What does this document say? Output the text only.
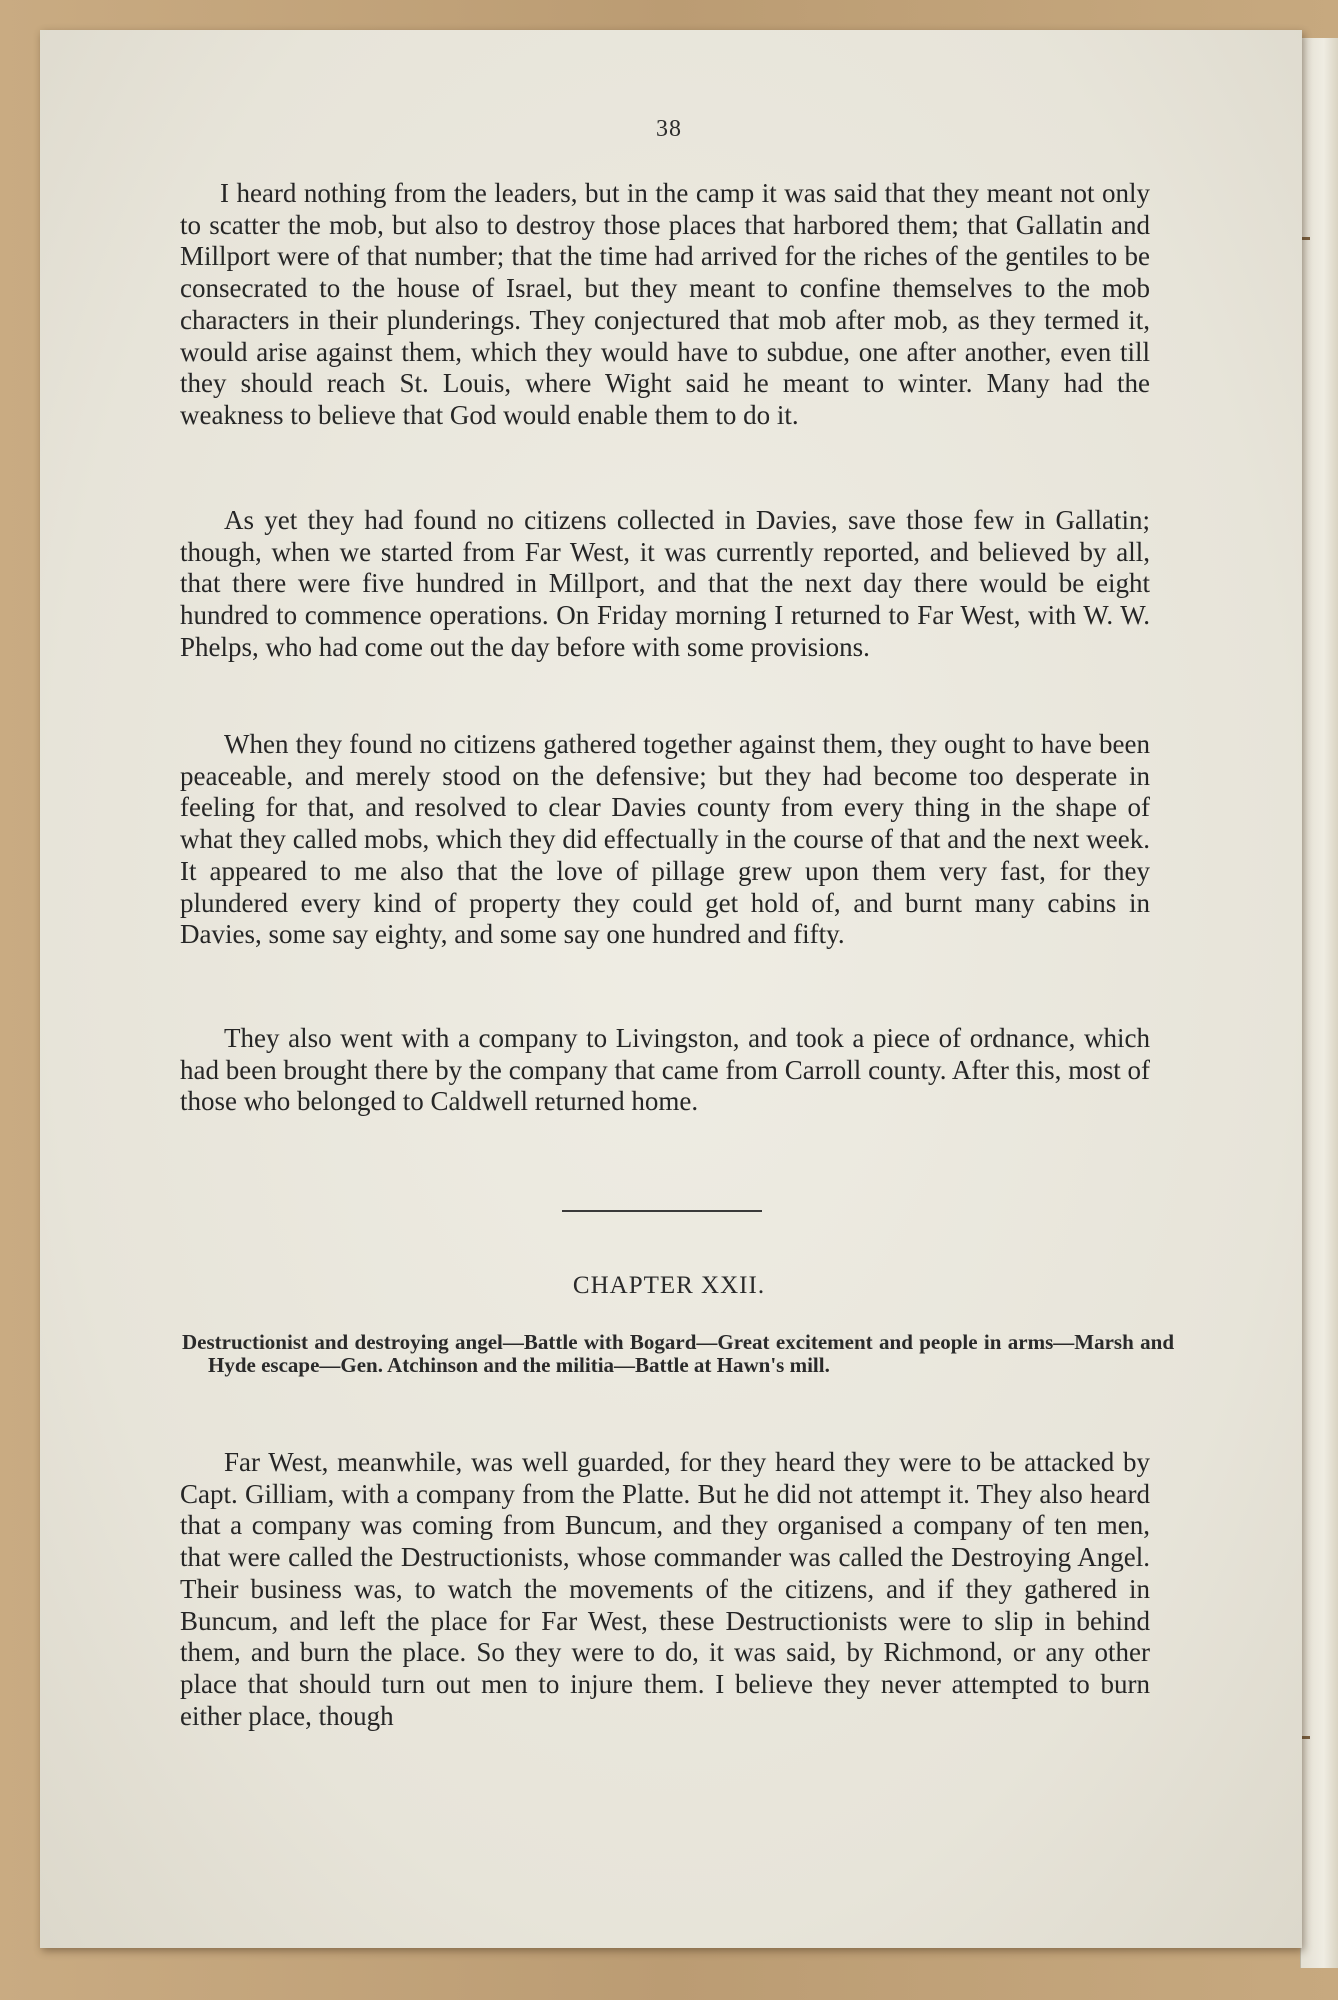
38

I heard nothing from the leaders, but in the camp it was said that they meant not only to scatter the mob, but also to destroy those places that harbored them; that Gallatin and Millport were of that number; that the time had arrived for the riches of the gentiles to be consecrated to the house of Israel, but they meant to confine themselves to the mob characters in their plunderings. They conjectured that mob after mob, as they termed it, would arise against them, which they would have to subdue, one after another, even till they should reach St. Louis, where Wight said he meant to winter. Many had the weakness to believe that God would enable them to do it.

As yet they had found no citizens collected in Davies, save those few in Gallatin; though, when we started from Far West, it was currently reported, and believed by all, that there were five hundred in Millport, and that the next day there would be eight hundred to commence operations. On Friday morning I returned to Far West, with W. W. Phelps, who had come out the day before with some provisions.

When they found no citizens gathered together against them, they ought to have been peaceable, and merely stood on the defensive; but they had become too desperate in feeling for that, and resolved to clear Davies county from every thing in the shape of what they called mobs, which they did effectually in the course of that and the next week. It appeared to me also that the love of pillage grew upon them very fast, for they plundered every kind of property they could get hold of, and burnt many cabins in Davies, some say eighty, and some say one hundred and fifty.

They also went with a company to Livingston, and took a piece of ordnance, which had been brought there by the company that came from Carroll county. After this, most of those who belonged to Caldwell returned home.

CHAPTER XXII.
Destructionist and destroying angel—Battle with Bogard—Great excitement and people in arms—Marsh and Hyde escape—Gen. Atchinson and the militia—Battle at Hawn's mill.

Far West, meanwhile, was well guarded, for they heard they were to be attacked by Capt. Gilliam, with a company from the Platte. But he did not attempt it. They also heard that a company was coming from Buncum, and they organised a company of ten men, that were called the Destructionists, whose commander was called the Destroying Angel. Their business was, to watch the movements of the citizens, and if they gathered in Buncum, and left the place for Far West, these Destructionists were to slip in behind them, and burn the place. So they were to do, it was said, by Richmond, or any other place that should turn out men to injure them. I believe they never attempted to burn either place, though
